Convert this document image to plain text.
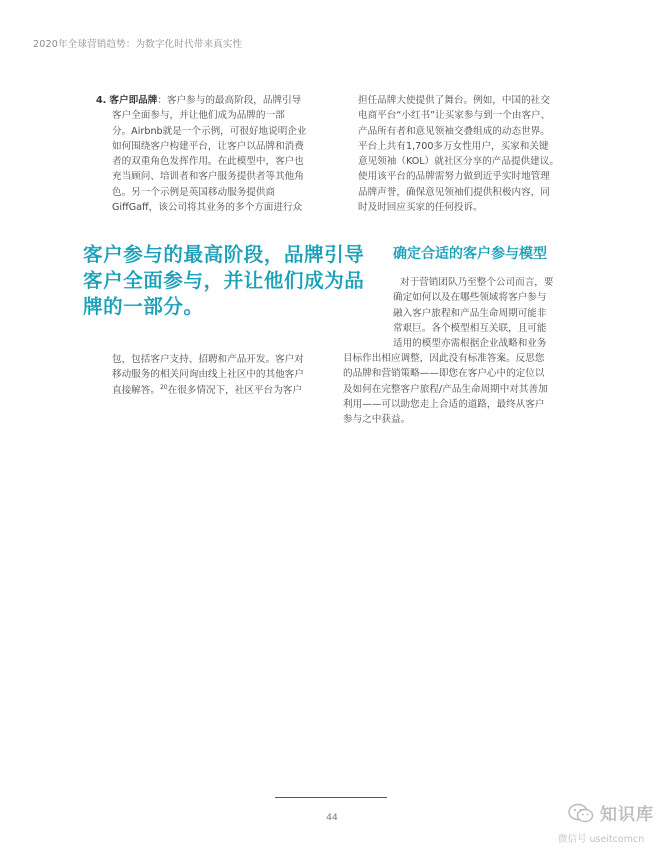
2020年全球营销趋势：为数字化时代带来真实性
4. 客户即品牌：客户参与的最高阶段，品牌引导
客户全面参与，并让他们成为品牌的一部
分。Airbnb就是一个示例，可很好地说明企业
如何围绕客户构建平台，让客户以品牌和消费
者的双重角色发挥作用。在此模型中，客户也
充当顾问、培训者和客户服务提供者等其他角
色。另一个示例是英国移动服务提供商
GiffGaff，该公司将其业务的多个方面进行众
客户参与的最高阶段，品牌引导
客户全面参与，并让他们成为品
牌的一部分。
包，包括客户支持、招聘和产品开发。客户对
移动服务的相关问询由线上社区中的其他客户
直接解答。$^{20}$在很多情况下，社区平台为客户
担任品牌大使提供了舞台。例如，中国的社交
电商平台“小红书”让买家参与到一个由客户、
产品所有者和意见领袖交叠组成的动态世界。
平台上共有1,700多万女性用户，买家和关键
意见领袖（KOL）就社区分享的产品提供建议。
使用该平台的品牌需努力做到近乎实时地管理
品牌声誉，确保意见领袖们提供积极内容，同
时及时回应买家的任何投诉。
确定合适的客户参与模型
对于营销团队乃至整个公司而言，要
确定如何以及在哪些领域将客户参与
融入客户旅程和产品生命周期可能非
常艰巨。各个模型相互关联，且可能
适用的模型亦需根据企业战略和业务
目标作出相应调整，因此没有标准答案。反思您
的品牌和营销策略——即您在客户心中的定位以
及如何在完整客户旅程/产品生命周期中对其善加
利用——可以助您走上合适的道路，最终从客户
参与之中获益。
44	知识库
微信号 useitcomcn
